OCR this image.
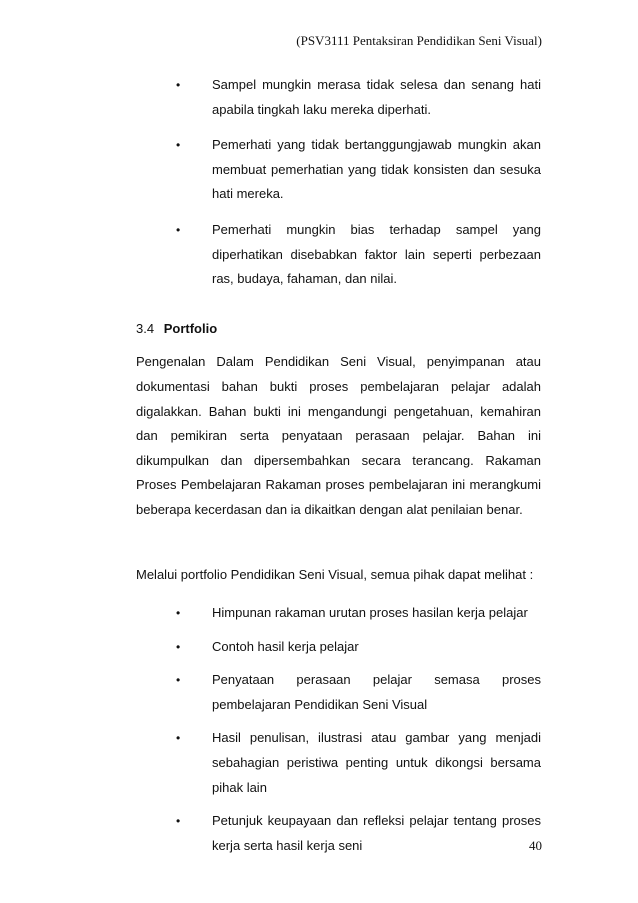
(PSV3111 Pentaksiran Pendidikan Seni Visual)
• Sampel mungkin merasa tidak selesa dan senang hati apabila tingkah laku mereka diperhati.
• Pemerhati yang tidak bertanggungjawab mungkin akan membuat pemerhatian yang tidak konsisten dan sesuka hati mereka.
• Pemerhati mungkin bias terhadap sampel yang diperhatikan disebabkan faktor lain seperti perbezaan ras, budaya, fahaman, dan nilai.
3.4 Portfolio

Pengenalan Dalam Pendidikan Seni Visual, penyimpanan atau dokumentasi bahan bukti proses pembelajaran pelajar adalah digalakkan. Bahan bukti ini mengandungi pengetahuan, kemahiran dan pemikiran serta penyataan perasaan pelajar. Bahan ini dikumpulkan dan dipersembahkan secara terancang. Rakaman Proses Pembelajaran Rakaman proses pembelajaran ini merangkumi beberapa kecerdasan dan ia dikaitkan dengan alat penilaian benar.

Melalui portfolio Pendidikan Seni Visual, semua pihak dapat melihat :

• Himpunan rakaman urutan proses hasilan kerja pelajar
• Contoh hasil kerja pelajar
• Penyataan perasaan pelajar semasa proses pembelajaran Pendidikan Seni Visual
• Hasil penulisan, ilustrasi atau gambar yang menjadi sebahagian peristiwa penting untuk dikongsi bersama pihak lain
• Petunjuk keupayaan dan refleksi pelajar tentang proses kerja serta hasil kerja seni	40
